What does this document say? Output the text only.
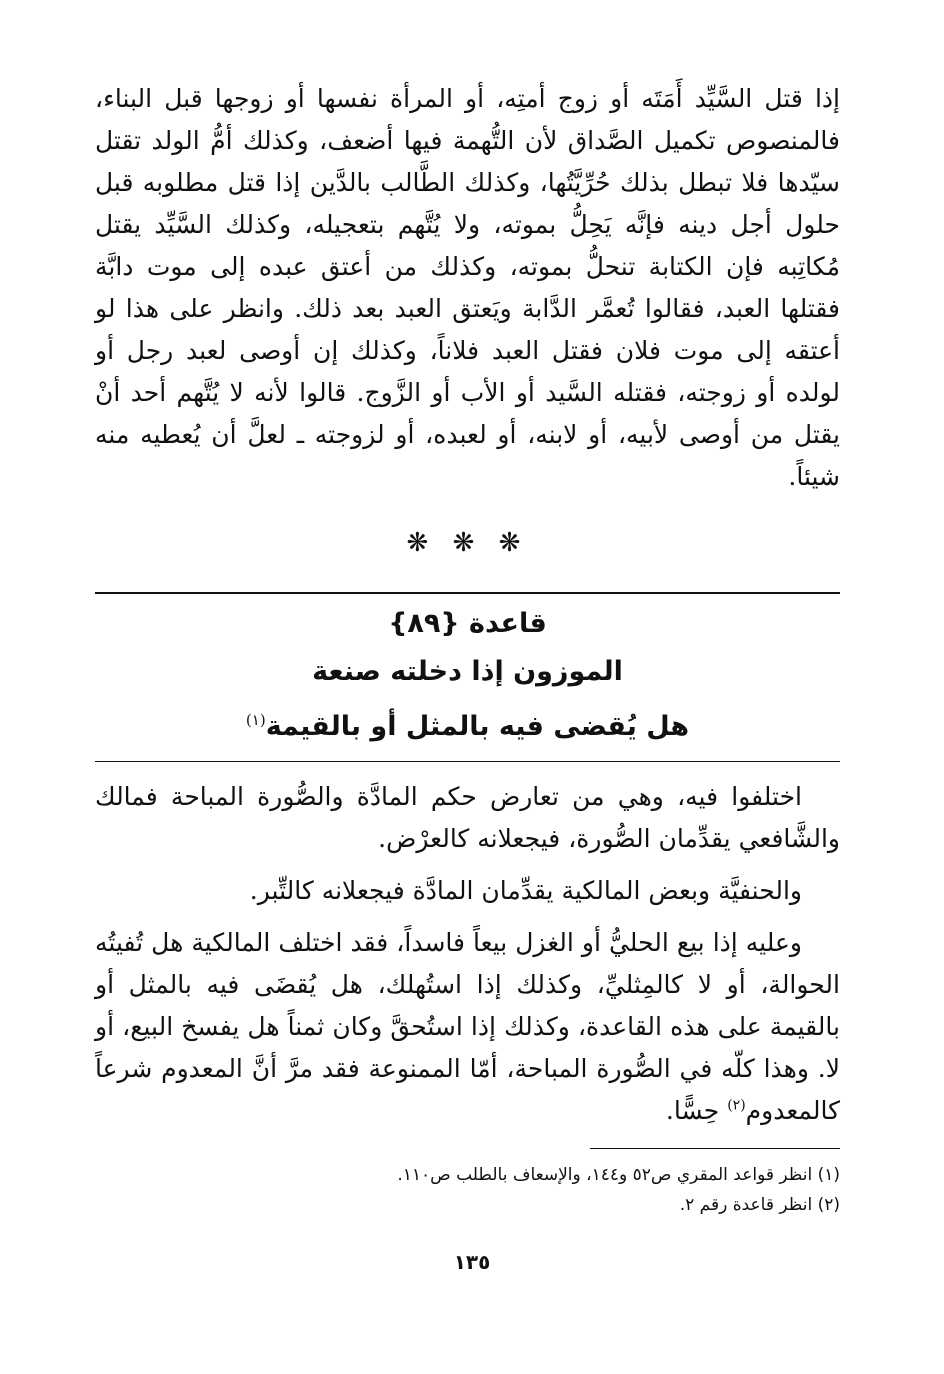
إذا قتل السَّيِّد أَمَتَه أو زوج أمتِه، أو المرأة نفسها أو زوجها قبل البناء، فالمنصوص تكميل الصَّداق لأن التُّهمة فيها أضعف، وكذلك أمُّ الولد تقتل سيّدها فلا تبطل بذلك حُرِّيَّتُها، وكذلك الطَّالب بالدَّين إذا قتل مطلوبه قبل حلول أجل دينه فإنَّه يَحِلُّ بموته، ولا يُتَّهم بتعجيله، وكذلك السَّيِّد يقتل مُكاتِبه فإن الكتابة تنحلُّ بموته، وكذلك من أعتق عبده إلى موت دابَّة فقتلها العبد، فقالوا تُعمَّر الدَّابة ويَعتق العبد بعد ذلك. وانظر على هذا لو أعتقه إلى موت فلان فقتل العبد فلاناً، وكذلك إن أوصى لعبد رجل أو لولده أو زوجته، فقتله السَّيد أو الأب أو الزَّوج. قالوا لأنه لا يُتَّهم أحد أنْ يقتل من أوصى لأبيه، أو لابنه، أو لعبده، أو لزوجته ـ لعلَّ أن يُعطيه منه شيئاً.

❋ ❋ ❋

قاعدة {٨٩}

الموزون إذا دخلته صنعة

هل يُقضى فيه بالمثل أو بالقيمة$^{(١)}$

اختلفوا فيه، وهي من تعارض حكم المادَّة والصُّورة المباحة فمالك والشَّافعي يقدِّمان الصُّورة، فيجعلانه كالعرْض.

والحنفيَّة وبعض المالكية يقدِّمان المادَّة فيجعلانه كالتِّبر.

وعليه إذا بيع الحليُّ أو الغزل بيعاً فاسداً، فقد اختلف المالكية هل تُفيتُه الحوالة، أو لا كالمِثليِّ، وكذلك إذا استُهلك، هل يُقضَى فيه بالمثل أو بالقيمة على هذه القاعدة، وكذلك إذا استُحقَّ وكان ثمناً هل يفسخ البيع، أو لا. وهذا كلّه في الصُّورة المباحة، أمّا الممنوعة فقد مرَّ أنَّ المعدوم شرعاً كالمعدوم$^{(٢)}$ حِسًّا.

(١) انظر قواعد المقري ص٥٢ و١٤٤، والإسعاف بالطلب ص١١٠.

(٢) انظر قاعدة رقم ٢.

١٣٥
